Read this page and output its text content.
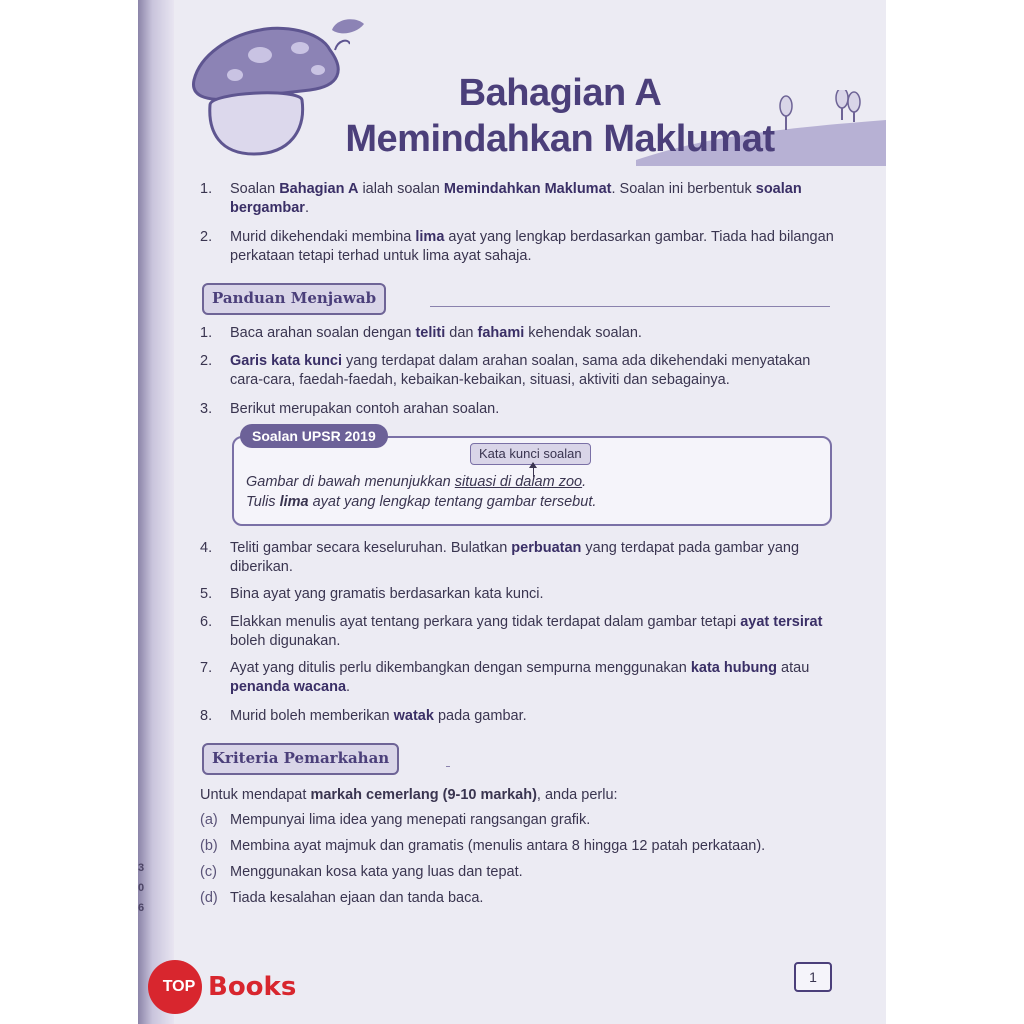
3
0
6
Bahagian A
Memindahkan Maklumat
1.	Soalan Bahagian A ialah soalan Memindahkan Maklumat. Soalan ini berbentuk soalan bergambar.
2.	Murid dikehendaki membina lima ayat yang lengkap berdasarkan gambar. Tiada had bilangan perkataan tetapi terhad untuk lima ayat sahaja.
Panduan Menjawab
1.	Baca arahan soalan dengan teliti dan fahami kehendak soalan.
2.	Garis kata kunci yang terdapat dalam arahan soalan, sama ada dikehendaki menyatakan cara-cara, faedah-faedah, kebaikan-kebaikan, situasi, aktiviti dan sebagainya.
3.	Berikut merupakan contoh arahan soalan.
Soalan UPSR 2019
Kata kunci soalan
Gambar di bawah menunjukkan situasi di dalam zoo.
Tulis lima ayat yang lengkap tentang gambar tersebut.
4.	Teliti gambar secara keseluruhan. Bulatkan perbuatan yang terdapat pada gambar yang diberikan.
5.	Bina ayat yang gramatis berdasarkan kata kunci.
6.	Elakkan menulis ayat tentang perkara yang tidak terdapat dalam gambar tetapi ayat tersirat boleh digunakan.
7.	Ayat yang ditulis perlu dikembangkan dengan sempurna menggunakan kata hubung atau penanda wacana.
8.	Murid boleh memberikan watak pada gambar.
Kriteria Pemarkahan
Untuk mendapat markah cemerlang (9-10 markah), anda perlu:
(a) Mempunyai lima idea yang menepati rangsangan grafik.
(b) Membina ayat majmuk dan gramatis (menulis antara 8 hingga 12 patah perkataan).
(c) Menggunakan kosa kata yang luas dan tepat.
(d) Tiada kesalahan ejaan dan tanda baca.
1
TOP Books
